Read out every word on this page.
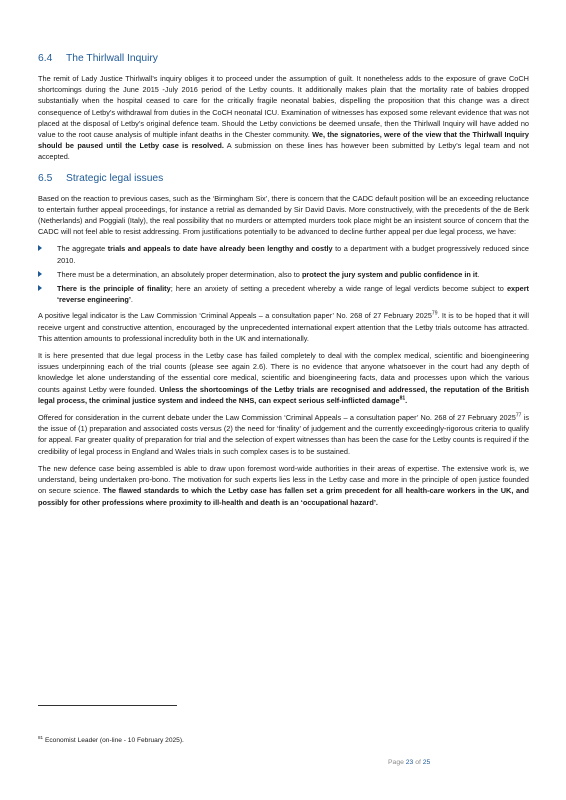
6.4 The Thirlwall Inquiry

The remit of Lady Justice Thirlwall’s inquiry obliges it to proceed under the assumption of guilt. It nonetheless adds to the exposure of grave CoCH shortcomings during the June 2015 -July 2016 period of the Letby counts. It additionally makes plain that the mortality rate of babies dropped substantially when the hospital ceased to care for the critically fragile neonatal babies, dispelling the proposition that this change was a direct consequence of Letby’s withdrawal from duties in the CoCH neonatal ICU. Examination of witnesses has exposed some relevant evidence that was not placed at the disposal of Letby’s original defence team. Should the Letby convictions be deemed unsafe, then the Thirlwall Inquiry will have added no value to the root cause analysis of multiple infant deaths in the Chester community. We, the signatories, were of the view that the Thirlwall Inquiry should be paused until the Letby case is resolved. A submission on these lines has however been submitted by Letby’s legal team and not accepted.

6.5 Strategic legal issues

Based on the reaction to previous cases, such as the ‘Birmingham Six’, there is concern that the CADC default position will be an exceeding reluctance to entertain further appeal proceedings, for instance a retrial as demanded by Sir David Davis. More constructively, with the precedents of the de Berk (Netherlands) and Poggiali (Italy), the real possibility that no murders or attempted murders took place might be an insistent source of concern that the CADC will not feel able to resist addressing. From justifications potentially to be advanced to decline further appeal per due legal process, we have:

The aggregate trials and appeals to date have already been lengthy and costly to a department with a budget progressively reduced since 2010.
There must be a determination, an absolutely proper determination, also to protect the jury system and public confidence in it.
There is the principle of finality; here an anxiety of setting a precedent whereby a wide range of legal verdicts become subject to expert ‘reverse engineering’.

A positive legal indicator is the Law Commission ‘Criminal Appeals – a consultation paper’ No. 268 of 27 February 2025$^{79}$. It is to be hoped that it will receive urgent and constructive attention, encouraged by the unprecedented international expert attention that the Letby trials outcome has attracted. This attention amounts to professional incredulity both in the UK and internationally.

It is here presented that due legal process in the Letby case has failed completely to deal with the complex medical, scientific and bioengineering issues underpinning each of the trial counts (please see again 2.6). There is no evidence that anyone whatsoever in the court had any depth of knowledge let alone understanding of the essential core medical, scientific and bioengineering facts, data and processes upon which the various counts against Letby were founded. Unless the shortcomings of the Letby trials are recognised and addressed, the reputation of the British legal process, the criminal justice system and indeed the NHS, can expect serious self-inflicted damage$^{81}$.

Offered for consideration in the current debate under the Law Commission ‘Criminal Appeals – a consultation paper’ No. 268 of 27 February 2025$^{77}$ is the issue of (1) preparation and associated costs versus (2) the need for ‘finality’ of judgement and the currently exceedingly-rigorous criteria to qualify for appeal. Far greater quality of preparation for trial and the selection of expert witnesses than has been the case for the Letby counts is required if the credibility of legal process in England and Wales trials in such complex cases is to be sustained.

The new defence case being assembled is able to draw upon foremost word-wide authorities in their areas of expertise. The extensive work is, we understand, being undertaken pro-bono. The motivation for such experts lies less in the Letby case and more in the principle of open justice founded on secure science. The flawed standards to which the Letby case has fallen set a grim precedent for all health-care workers in the UK, and possibly for other professions where proximity to ill-health and death is an ‘occupational hazard’.

$^{81}$ Economist Leader (on-line - 10 February 2025).
Page 23 of 25
